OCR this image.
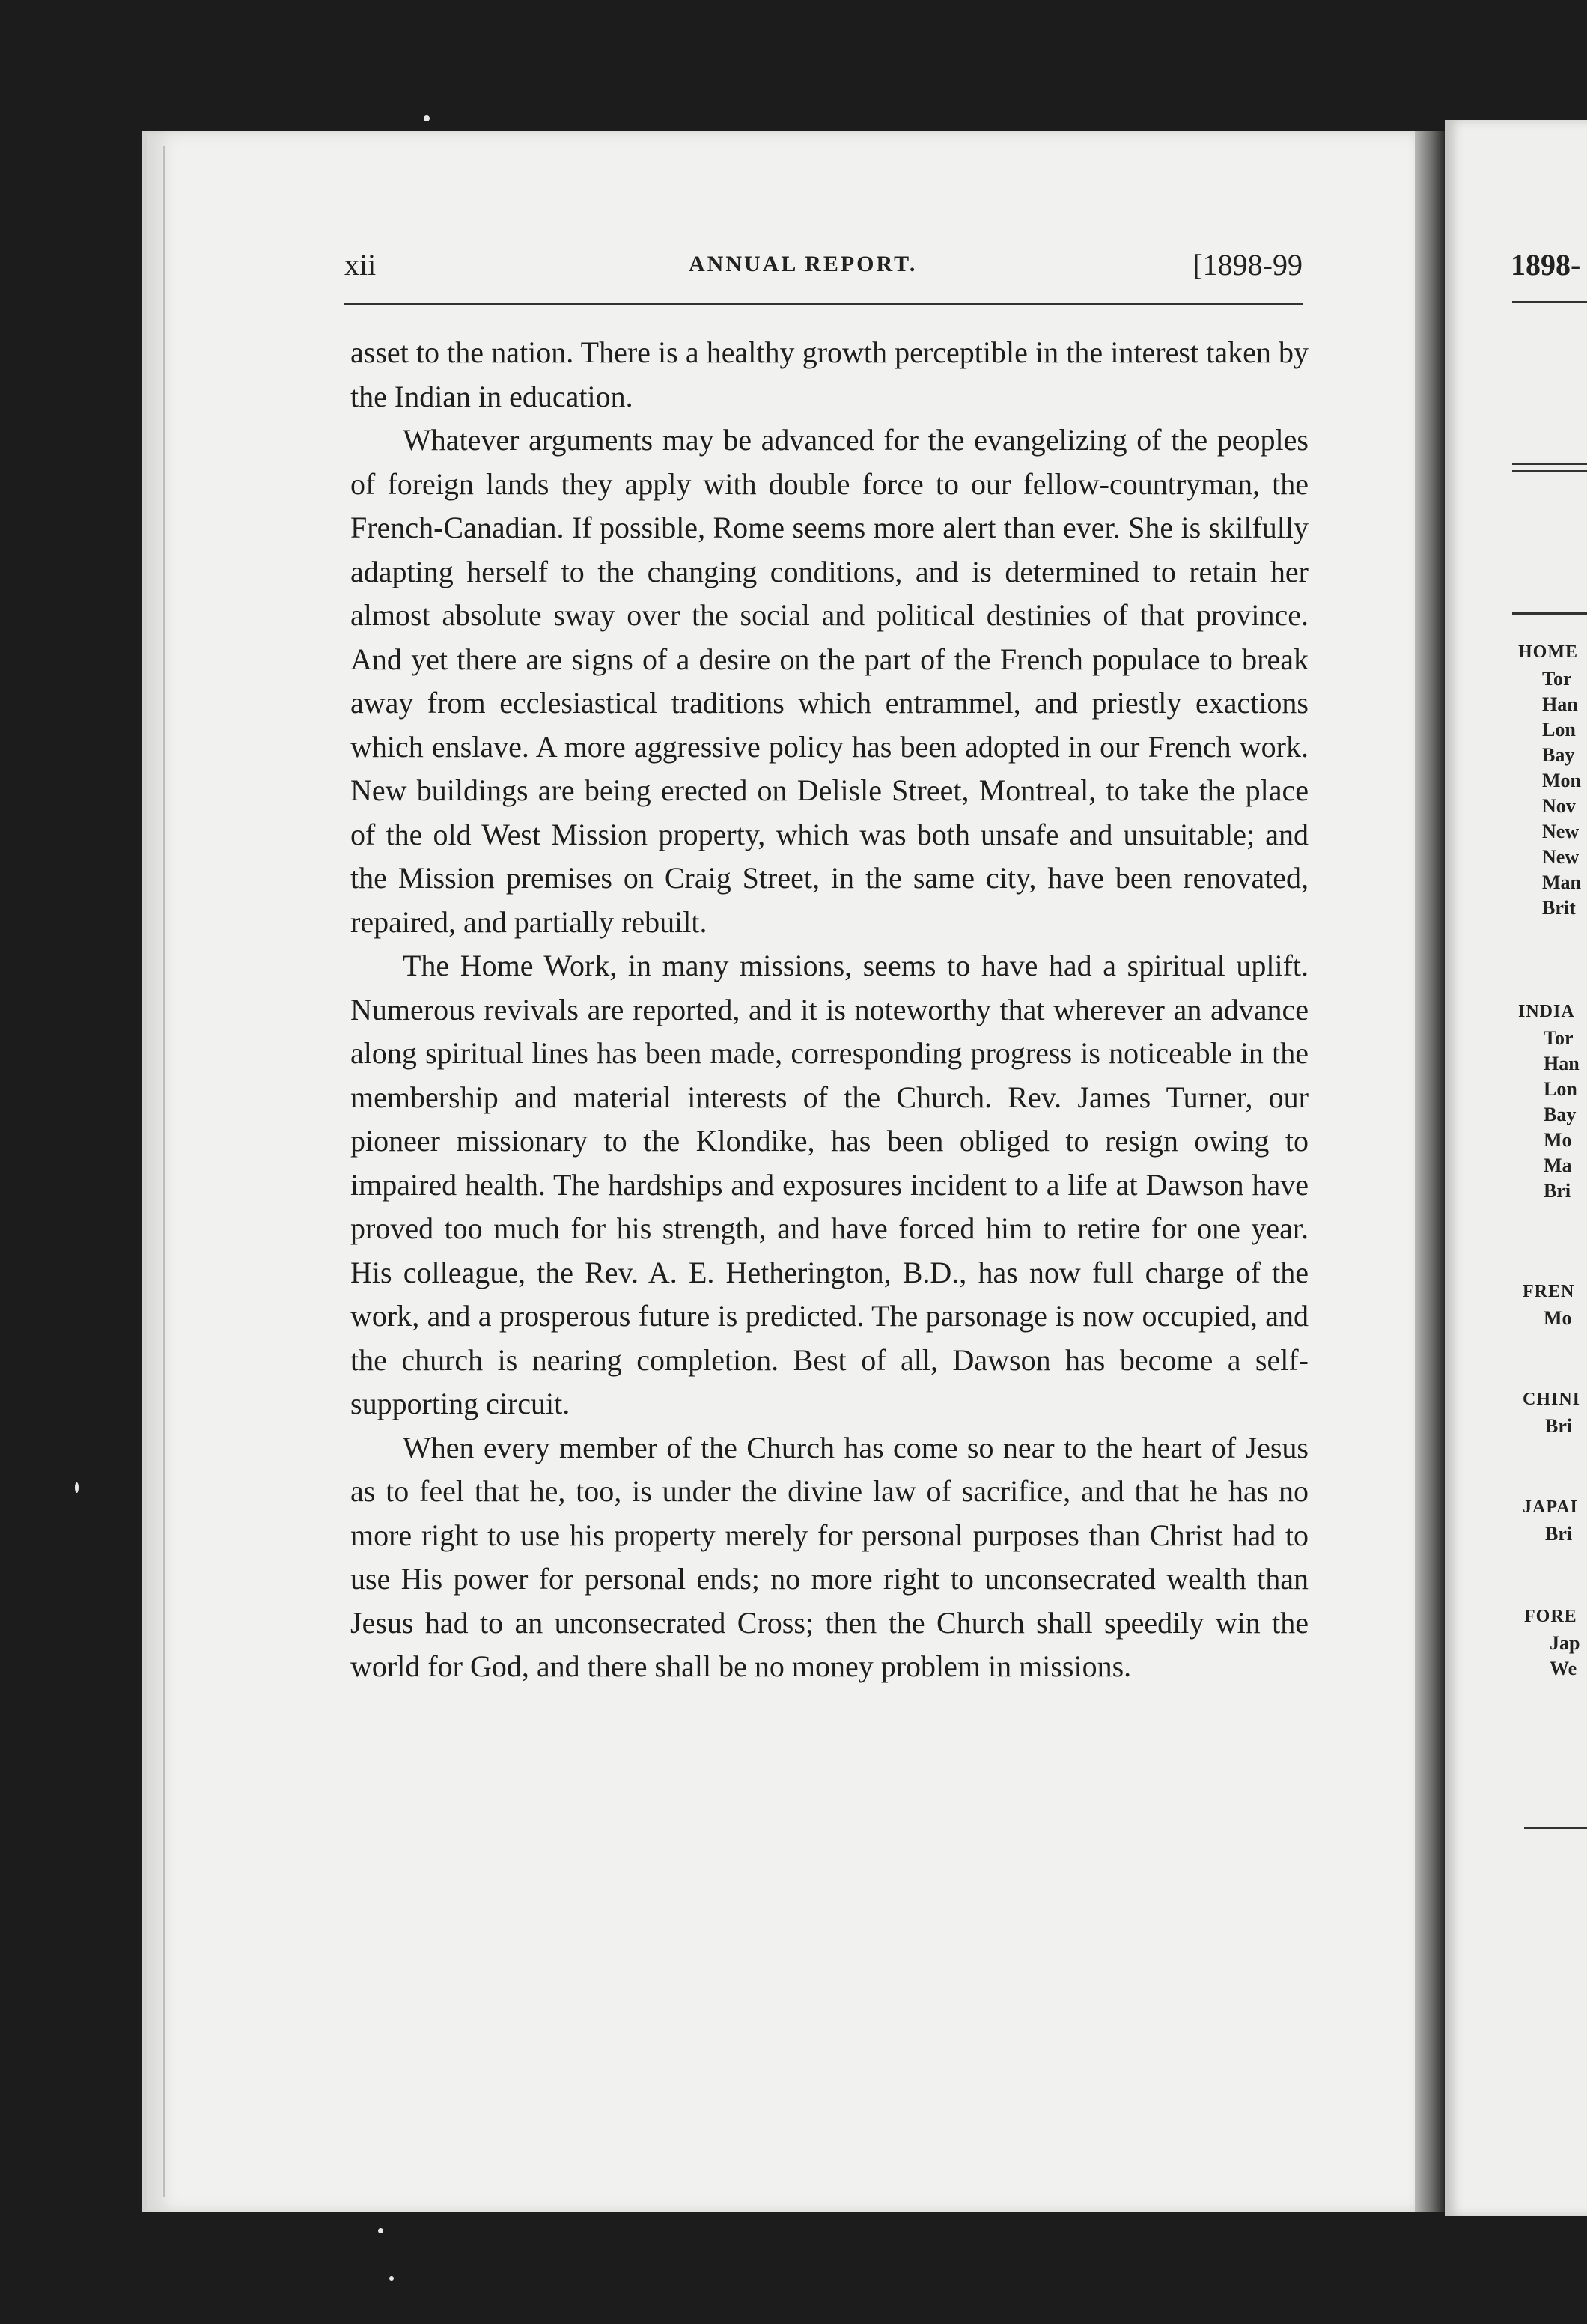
xii	ANNUAL REPORT.	[1898-99

asset to the nation. There is a healthy growth perceptible in the interest taken by the Indian in education.

Whatever arguments may be advanced for the evangelizing of the peoples of foreign lands they apply with double force to our fellow-countryman, the French-Canadian. If possible, Rome seems more alert than ever. She is skilfully adapting herself to the changing conditions, and is determined to retain her almost absolute sway over the social and political destinies of that province. And yet there are signs of a desire on the part of the French populace to break away from ecclesiastical traditions which entrammel, and priestly exactions which enslave. A more aggressive policy has been adopted in our French work. New buildings are being erected on Delisle Street, Montreal, to take the place of the old West Mission property, which was both unsafe and unsuitable; and the Mission premises on Craig Street, in the same city, have been renovated, repaired, and partially rebuilt.

The Home Work, in many missions, seems to have had a spiritual uplift. Numerous revivals are reported, and it is noteworthy that wherever an advance along spiritual lines has been made, corresponding progress is noticeable in the membership and material interests of the Church. Rev. James Turner, our pioneer missionary to the Klondike, has been obliged to resign owing to impaired health. The hardships and exposures incident to a life at Dawson have proved too much for his strength, and have forced him to retire for one year. His colleague, the Rev. A. E. Hetherington, B.D., has now full charge of the work, and a prosperous future is predicted. The parsonage is now occupied, and the church is nearing completion. Best of all, Dawson has become a self-supporting circuit.

When every member of the Church has come so near to the heart of Jesus as to feel that he, too, is under the divine law of sacrifice, and that he has no more right to use his property merely for personal purposes than Christ had to use His power for personal ends; no more right to unconsecrated wealth than Jesus had to an unconsecrated Cross; then the Church shall speedily win the world for God, and there shall be no money problem in missions.

1898-
HOME
Tor
Han
Lon
Bay
Mon
Nov
New
New
Man
Brit
INDIA
Tor
Han
Lon
Bay
Mo
Ma
Bri
FREN
Mo
CHINI
Bri
JAPAI
Bri
FORE
Jap
We
